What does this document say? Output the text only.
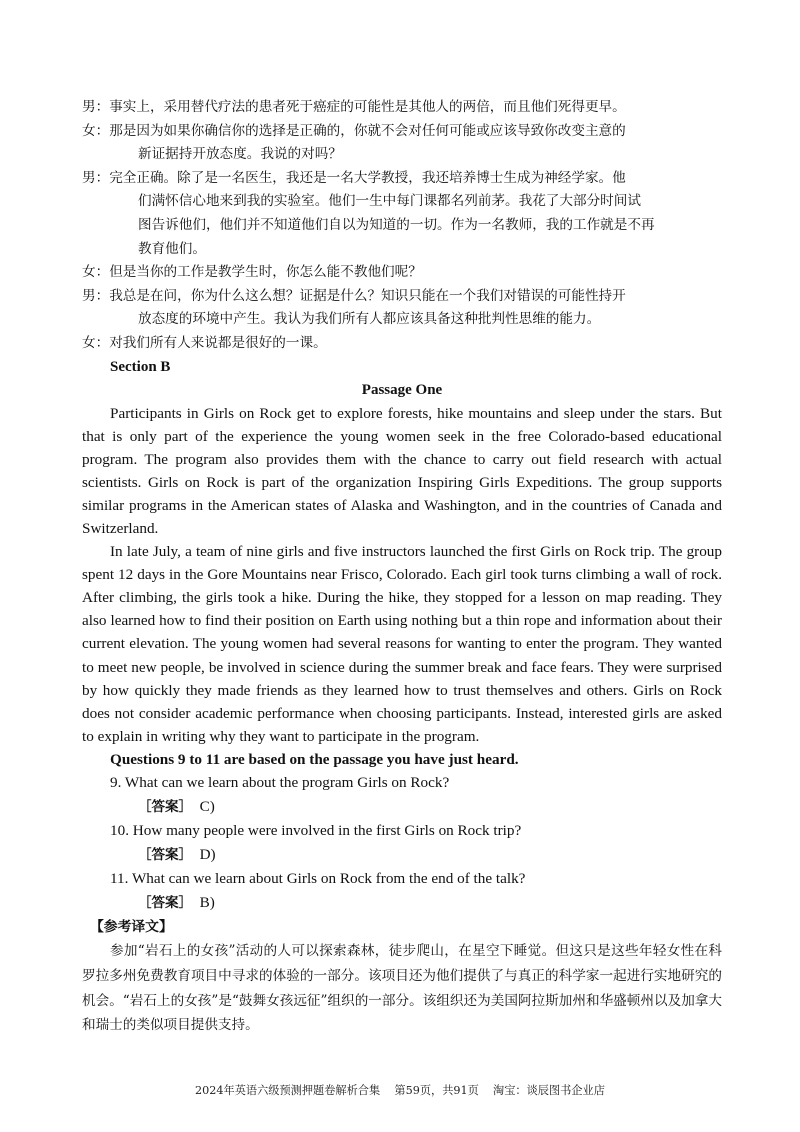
男：事实上，采用替代疗法的患者死于癌症的可能性是其他人的两倍，而且他们死得更早。
女：那是因为如果你确信你的选择是正确的，你就不会对任何可能或应该导致你改变主意的
新证据持开放态度。我说的对吗？
男：完全正确。除了是一名医生，我还是一名大学教授，我还培养博士生成为神经学家。他
们满怀信心地来到我的实验室。他们一生中每门课都名列前茅。我花了大部分时间试
图告诉他们，他们并不知道他们自以为知道的一切。作为一名教师，我的工作就是不再
教育他们。
女：但是当你的工作是教学生时，你怎么能不教他们呢？
男：我总是在问，你为什么这么想？证据是什么？知识只能在一个我们对错误的可能性持开
放态度的环境中产生。我认为我们所有人都应该具备这种批判性思维的能力。
女：对我们所有人来说都是很好的一课。

Section B

Passage One

Participants in Girls on Rock get to explore forests, hike mountains and sleep under the stars. But that is only part of the experience the young women seek in the free Colorado-based educational program. The program also provides them with the chance to carry out field research with actual scientists. Girls on Rock is part of the organization Inspiring Girls Expeditions. The group supports similar programs in the American states of Alaska and Washington, and in the countries of Canada and Switzerland.

In late July, a team of nine girls and five instructors launched the first Girls on Rock trip. The group spent 12 days in the Gore Mountains near Frisco, Colorado. Each girl took turns climbing a wall of rock. After climbing, the girls took a hike. During the hike, they stopped for a lesson on map reading. They also learned how to find their position on Earth using nothing but a thin rope and information about their current elevation. The young women had several reasons for wanting to enter the program. They wanted to meet new people, be involved in science during the summer break and face fears. They were surprised by how quickly they made friends as they learned how to trust themselves and others. Girls on Rock does not consider academic performance when choosing participants. Instead, interested girls are asked to explain in writing why they want to participate in the program.

Questions 9 to 11 are based on the passage you have just heard.

9. What can we learn about the program Girls on Rock?

［答案］ C)

10. How many people were involved in the first Girls on Rock trip?

［答案］ D)

11. What can we learn about Girls on Rock from the end of the talk?

［答案］ B)

【参考译文】

参加“岩石上的女孩”活动的人可以探索森林，徒步爬山，在星空下睡觉。但这只是这些年轻女性在科罗拉多州免费教育项目中寻求的体验的一部分。该项目还为他们提供了与真正的科学家一起进行实地研究的机会。“岩石上的女孩”是“鼓舞女孩远征”组织的一部分。该组织还为美国阿拉斯加州和华盛顿州以及加拿大和瑞士的类似项目提供支持。

2024年英语六级预测押题卷解析合集 第59页，共91页 淘宝：谈辰图书企业店
